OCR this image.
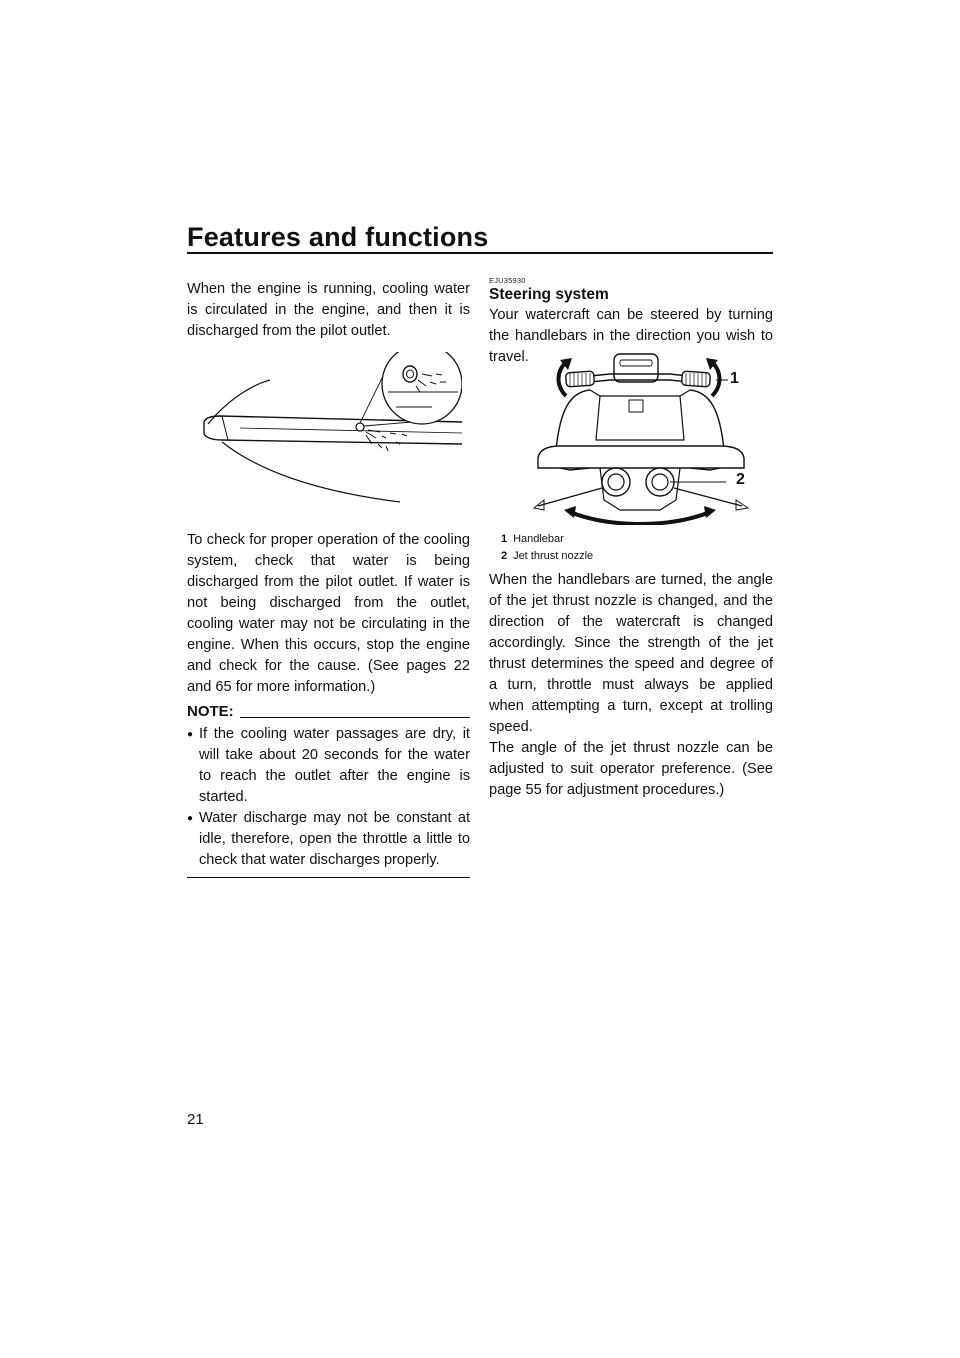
Features and functions

When the engine is running, cooling water is circulated in the engine, and then it is discharged from the pilot outlet.

To check for proper operation of the cooling system, check that water is being discharged from the pilot outlet. If water is not being discharged from the outlet, cooling water may not be circulating in the engine. When this occurs, stop the engine and check for the cause. (See pages 22 and 65 for more information.)

NOTE:
● If the cooling water passages are dry, it will take about 20 seconds for the water to reach the outlet after the engine is started.
● Water discharge may not be constant at idle, therefore, open the throttle a little to check that water discharges properly.
21
EJU35930
Steering system

Your watercraft can be steered by turning the handlebars in the direction you wish to travel.

1
2
1 Handlebar
2 Jet thrust nozzle

When the handlebars are turned, the angle of the jet thrust nozzle is changed, and the direction of the watercraft is changed accordingly. Since the strength of the jet thrust determines the speed and degree of a turn, throttle must always be applied when attempting a turn, except at trolling speed.

The angle of the jet thrust nozzle can be adjusted to suit operator preference. (See page 55 for adjustment procedures.)
